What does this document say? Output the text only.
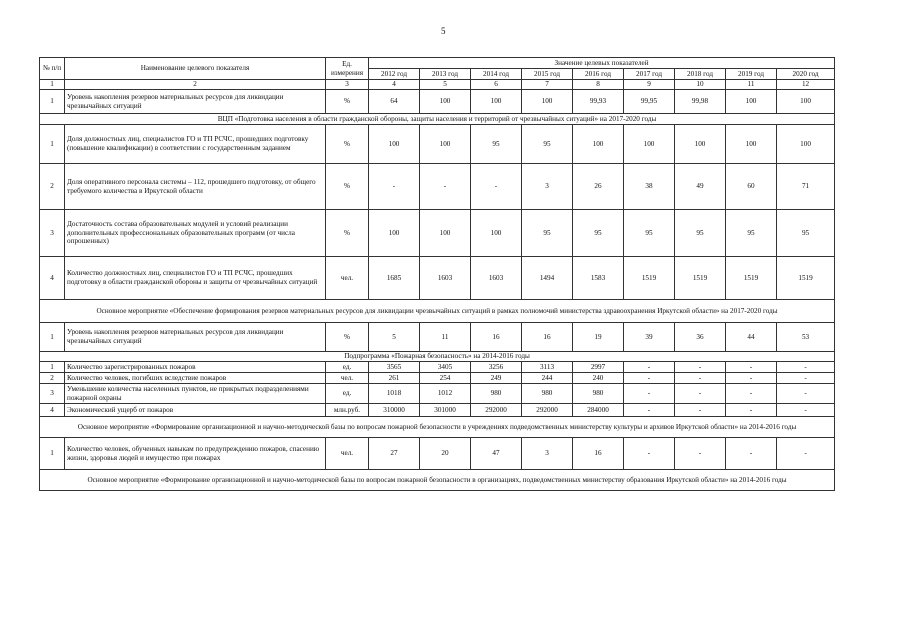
5
№ п/п	Наименование целевого показателя	Ед. измерения	Значение целевых показателей								
			2012 год	2013 год	2014 год	2015 год	2016 год	2017 год	2018 год	2019 год	2020 год
1	2	3	4	5	6	7	8	9	10	11	12
1	Уровень накопления резервов материальных ресурсов для ликвидации чрезвычайных ситуаций	%	64	100	100	100	99,93	99,95	99,98	100	100
ВЦП «Подготовка населения в области гражданской обороны, защиты населения и территорий от чрезвычайных ситуаций» на 2017-2020 годы											
1	Доля должностных лиц, специалистов ГО и ТП РСЧС, прошедших подготовку (повышение квалификации) в соответствии с государственным заданием	%	100	100	95	95	100	100	100	100	100
2	Доля оперативного персонала системы – 112, прошедшего подготовку, от общего требуемого количества в Иркутской области	%	-	-	-	3	26	38	49	60	71
3	Достаточность состава образовательных модулей и условий реализации дополнительных профессиональных образовательных программ (от числа опрошенных)	%	100	100	100	95	95	95	95	95	95
4	Количество должностных лиц, специалистов ГО и ТП РСЧС, прошедших подготовку в области гражданской обороны и защиты от чрезвычайных ситуаций	чел.	1685	1603	1603	1494	1583	1519	1519	1519	1519
Основное мероприятие «Обеспечение формирования резервов материальных ресурсов для ликвидации чрезвычайных ситуаций в рамках полномочий министерства здравоохранения Иркутской области» на 2017-2020 годы											
1	Уровень накопления резервов материальных ресурсов для ликвидации чрезвычайных ситуаций	%	5	11	16	16	19	39	36	44	53
Подпрограмма «Пожарная безопасность» на 2014-2016 годы											
1	Количество зарегистрированных пожаров	ед.	3565	3405	3256	3113	2997	-	-	-	-
2	Количество человек, погибших вследствие пожаров	чел.	261	254	249	244	240	-	-	-	-
3	Уменьшение количества населенных пунктов, не прикрытых подразделениями пожарной охраны	ед.	1018	1012	980	980	980	-	-	-	-
4	Экономический ущерб от пожаров	млн.руб.	310000	301000	292000	292000	284000	-	-	-	-
Основное мероприятие «Формирование организационной и научно-методической базы по вопросам пожарной безопасности в учреждениях подведомственных министерству культуры и архивов Иркутской области» на 2014-2016 годы											
1	Количество человек, обученных навыкам по предупреждению пожаров, спасению жизни, здоровья людей и имущество при пожарах	чел.	27	20	47	3	16	-	-	-	-
Основное мероприятие «Формирование организационной и научно-методической базы по вопросам пожарной безопасности в организациях, подведомственных министерству образования Иркутской области» на 2014-2016 годы											
